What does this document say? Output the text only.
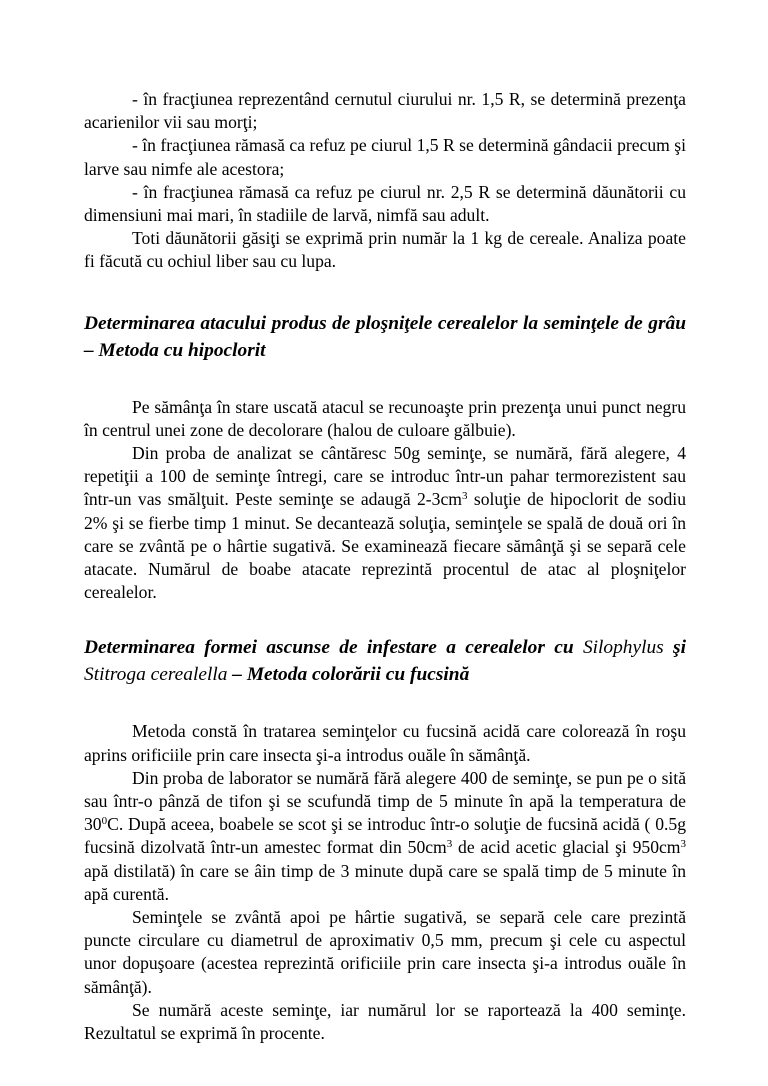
- în fracţiunea reprezentând cernutul ciurului nr. 1,5 R, se determină prezenţa acarienilor vii sau morţi;

- în fracţiunea rămasă ca refuz pe ciurul 1,5 R se determină gândacii precum şi larve sau nimfe ale acestora;

- în fracţiunea rămasă ca refuz pe ciurul nr. 2,5 R se determină dăunătorii cu dimensiuni mai mari, în stadiile de larvă, nimfă sau adult.

Toti dăunătorii găsiţi se exprimă prin număr la 1 kg de cereale. Analiza poate fi făcută cu ochiul liber sau cu lupa.

Determinarea atacului produs de ploşniţele cerealelor la seminţele de grâu – Metoda cu hipoclorit

Pe sămânţa în stare uscată atacul se recunoaşte prin prezenţa unui punct negru în centrul unei zone de decolorare (halou de culoare gălbuie).

Din proba de analizat se cântăresc 50g seminţe, se numără, fără alegere, 4 repetiţii a 100 de seminţe întregi, care se introduc într-un pahar termorezistent sau într-un vas smălţuit. Peste seminţe se adaugă $2-3cm^3$ soluţie de hipoclorit de sodiu 2% şi se fierbe timp 1 minut. Se decantează soluţia, seminţele se spală de două ori în care se zvântă pe o hârtie sugativă. Se examinează fiecare sămânţă şi se separă cele atacate. Numărul de boabe atacate reprezintă procentul de atac al ploşniţelor cerealelor.

Determinarea formei ascunse de infestare a cerealelor cu Silophylus şi Stitroga cerealella – Metoda colorării cu fucsină

Metoda constă în tratarea seminţelor cu fucsină acidă care colorează în roşu aprins orificiile prin care insecta şi-a introdus ouăle în sămânţă.

Din proba de laborator se numără fără alegere 400 de seminţe, se pun pe o sită sau într-o pânză de tifon şi se scufundă timp de 5 minute în apă la temperatura de $30^0C$. După aceea, boabele se scot şi se introduc într-o soluţie de fucsină acidă ( 0.5g fucsină dizolvată într-un amestec format din $50cm^3$ de acid acetic glacial şi $950cm^3$ apă distilată) în care se âin timp de 3 minute după care se spală timp de 5 minute în apă curentă.

Seminţele se zvântă apoi pe hârtie sugativă, se separă cele care prezintă puncte circulare cu diametrul de aproximativ 0,5 mm, precum şi cele cu aspectul unor dopuşoare (acestea reprezintă orificiile prin care insecta şi-a introdus ouăle în sămânţă).

Se numără aceste seminţe, iar numărul lor se raportează la 400 seminţe. Rezultatul se exprimă în procente.
